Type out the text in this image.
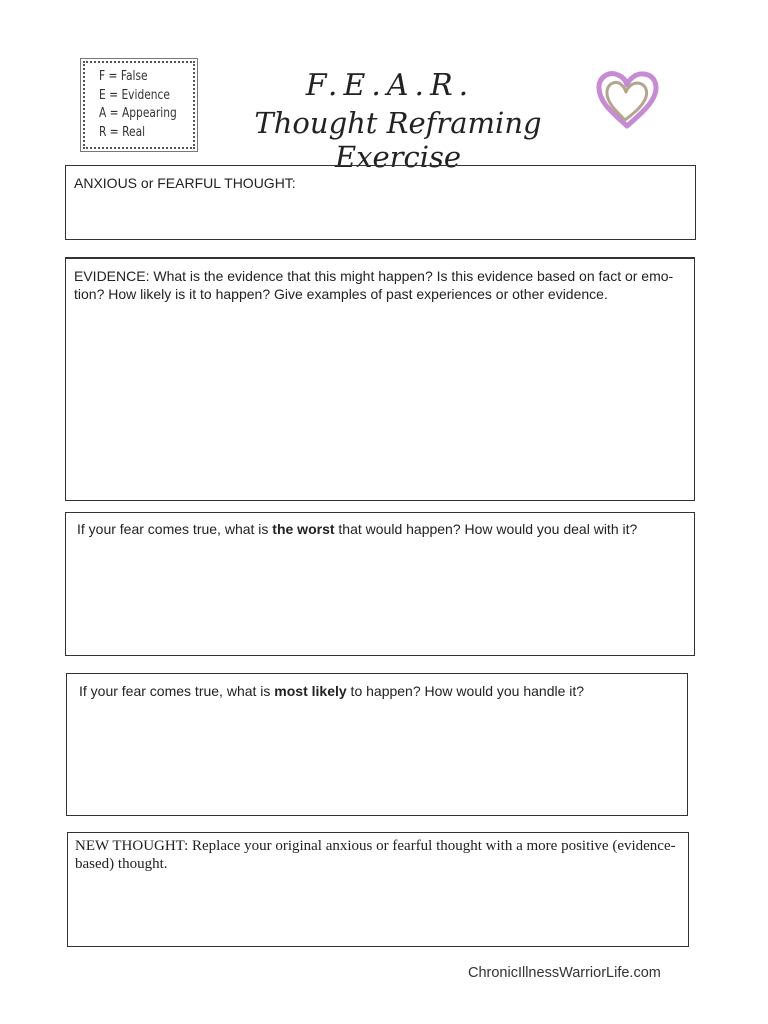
F = False
E = Evidence
A = Appearing
R = Real
F.E.A.R.
Thought Reframing Exercise

ANXIOUS or FEARFUL THOUGHT:

EVIDENCE: What is the evidence that this might happen? Is this evidence based on fact or emo-tion? How likely is it to happen? Give examples of past experiences or other evidence.

If your fear comes true, what is the worst that would happen? How would you deal with it?

If your fear comes true, what is most likely to happen? How would you handle it?

NEW THOUGHT: Replace your original anxious or fearful thought with a more positive (evidence-based) thought.

ChronicIllnessWarriorLife.com
